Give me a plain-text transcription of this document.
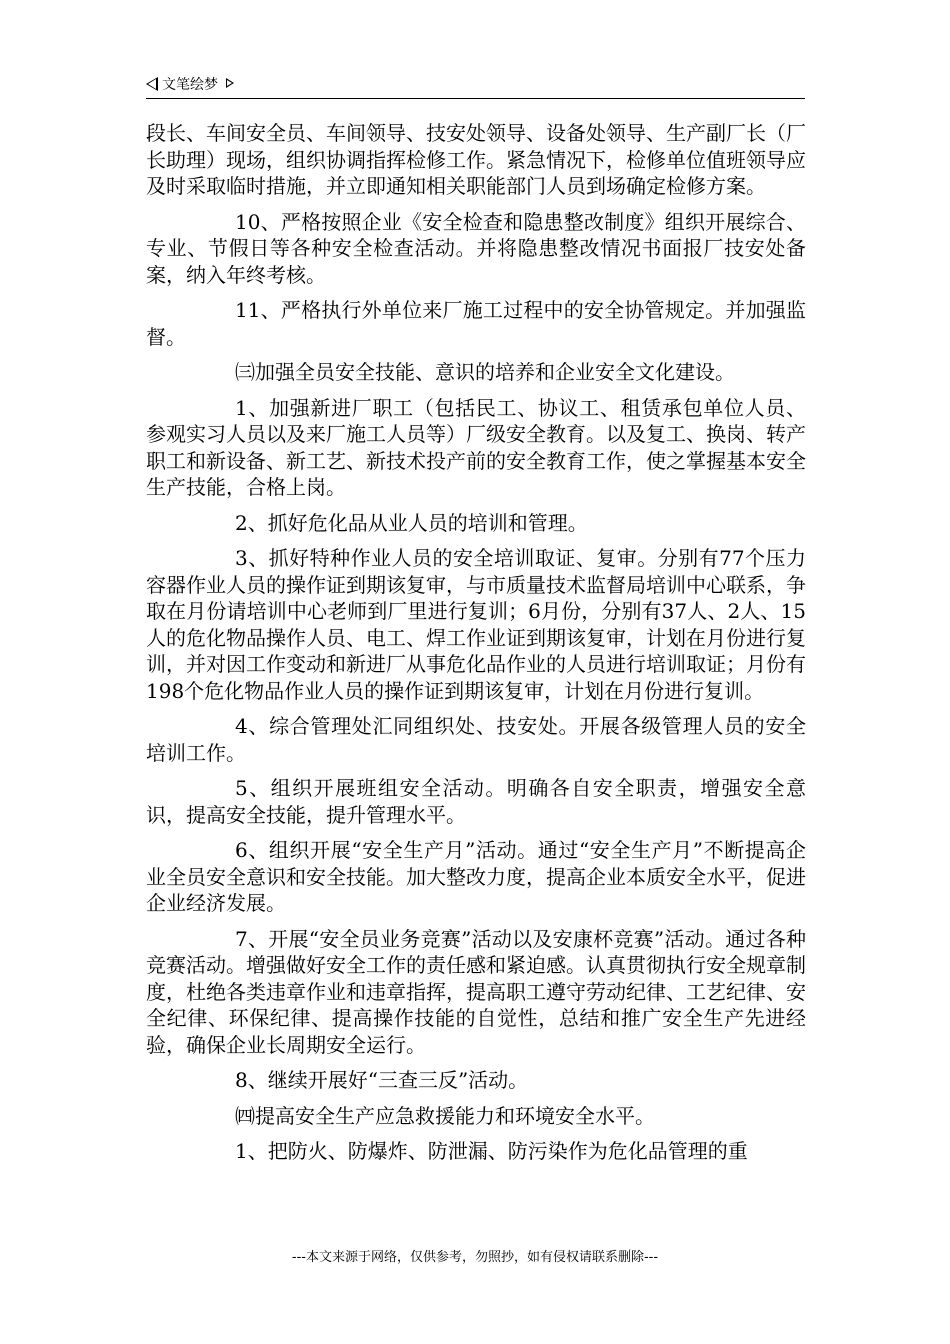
文笔绘梦

段长、车间安全员、车间领导、技安处领导、设备处领导、生产副厂长（厂长助理）现场，组织协调指挥检修工作。紧急情况下，检修单位值班领导应及时采取临时措施，并立即通知相关职能部门人员到场确定检修方案。

10、严格按照企业《安全检查和隐患整改制度》组织开展综合、专业、节假日等各种安全检查活动。并将隐患整改情况书面报厂技安处备案，纳入年终考核。

11、严格执行外单位来厂施工过程中的安全协管规定。并加强监督。

㈢加强全员安全技能、意识的培养和企业安全文化建设。

1、加强新进厂职工（包括民工、协议工、租赁承包单位人员、参观实习人员以及来厂施工人员等）厂级安全教育。以及复工、换岗、转产职工和新设备、新工艺、新技术投产前的安全教育工作，使之掌握基本安全生产技能，合格上岗。

2、抓好危化品从业人员的培训和管理。

3、抓好特种作业人员的安全培训取证、复审。分别有77个压力容器作业人员的操作证到期该复审，与市质量技术监督局培训中心联系，争取在月份请培训中心老师到厂里进行复训；6月份，分别有37人、2人、15人的危化物品操作人员、电工、焊工作业证到期该复审，计划在月份进行复训，并对因工作变动和新进厂从事危化品作业的人员进行培训取证；月份有198个危化物品作业人员的操作证到期该复审，计划在月份进行复训。

4、综合管理处汇同组织处、技安处。开展各级管理人员的安全培训工作。

5、组织开展班组安全活动。明确各自安全职责，增强安全意识，提高安全技能，提升管理水平。

6、组织开展“安全生产月”活动。通过“安全生产月”不断提高企业全员安全意识和安全技能。加大整改力度，提高企业本质安全水平，促进企业经济发展。

7、开展“安全员业务竞赛”活动以及安康杯竞赛”活动。通过各种竞赛活动。增强做好安全工作的责任感和紧迫感。认真贯彻执行安全规章制度，杜绝各类违章作业和违章指挥，提高职工遵守劳动纪律、工艺纪律、安全纪律、环保纪律、提高操作技能的自觉性，总结和推广安全生产先进经验，确保企业长周期安全运行。

8、继续开展好“三查三反”活动。

㈣提高安全生产应急救援能力和环境安全水平。

1、把防火、防爆炸、防泄漏、防污染作为危化品管理的重

---本文来源于网络，仅供参考，勿照抄，如有侵权请联系删除---
